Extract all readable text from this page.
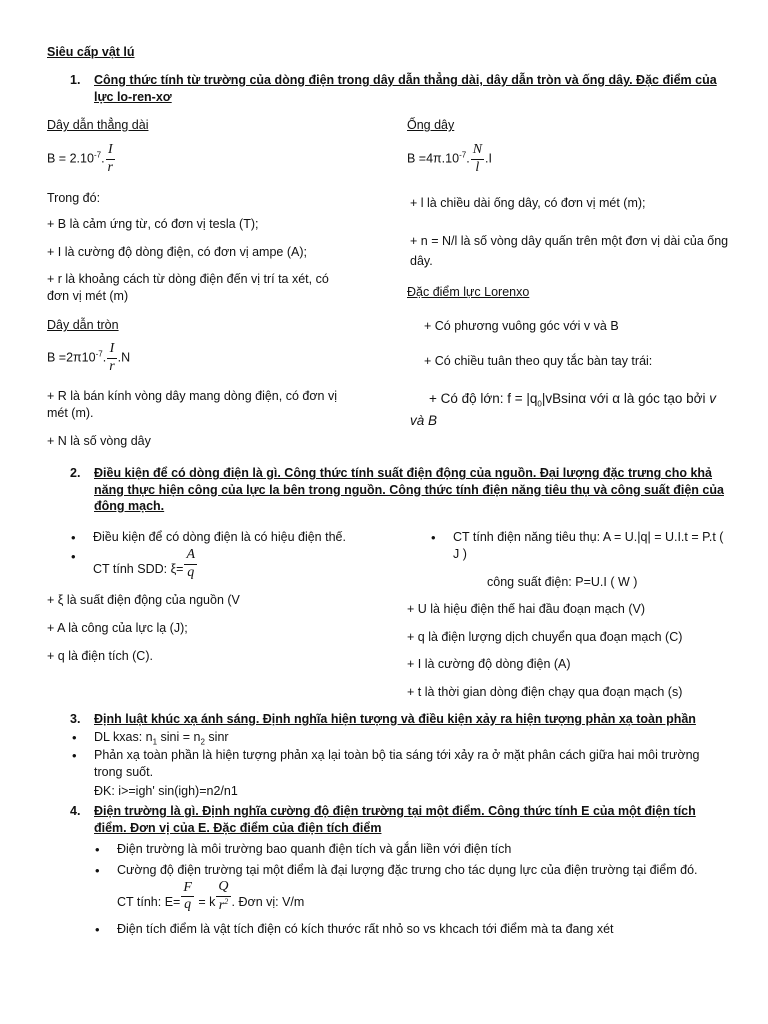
Siêu cấp vật lú
1. Công thức tính từ trường của dòng điện trong dây dẫn thẳng dài, dây dẫn tròn và ống dây. Đặc điểm của lực lo-ren-xơ
Dây dẫn thẳng dài
$B = 2.10^{-7}$. $\frac{I}{r}$
Trong đó:
+ B là cảm ứng từ, có đơn vị tesla (T);
+ I là cường độ dòng điện, có đơn vị ampe (A);
+ r là khoảng cách từ dòng điện đến vị trí ta xét, có đơn vị mét (m)
Dây dẫn tròn
$B =2\pi 10^{-7}$. $\frac{I}{r} .N$
+ R là bán kính vòng dây mang dòng điện, có đơn vị mét (m).
+ N là số vòng dây
Ống dây
$B =4\pi.10^{-7}$. $\frac{N}{l} .I$
+ l là chiều dài ống dây, có đơn vị mét (m);
+ n = N/l là số vòng dây quấn trên một đơn vị dài của ống dây.
Đặc điểm lực Lorenxo
+ Có phương vuông góc với v và B
+ Có chiều tuân theo quy tắc bàn tay trái:
+ Có độ lớn: $f = |q_0|vBsin\alpha$ với α là góc tạo bởi v và B
2. Điều kiện để có dòng điện là gì. Công thức tính suất điện động của nguồn. Đại lượng đặc trưng cho khả năng thực hiện công của lực la bên trong nguồn. Công thức tính điện năng tiêu thụ và công suất điện của đông mạch.
• Điều kiện để có dòng điện là có hiệu điện thế.
• CT tính SDD: $\xi= \frac{A}{q}$
+ ξ là suất điện động của nguồn (V
+ A là công của lực lạ (J);
+ q là điện tích (C).
• CT tính điện năng tiêu thụ: A = U.|q| = U.I.t = P.t ( J )
công suất điện: P=U.I ( W )
+ U là hiệu điện thế hai đầu đoạn mạch (V)
+ q là điện lượng dịch chuyển qua đoạn mạch (C)
+ I là cường độ dòng điện (A)
+ t là thời gian dòng điện chạy qua đoạn mạch (s)
3. Định luật khúc xạ ánh sáng. Định nghĩa hiện tượng và điều kiện xảy ra hiện tượng phản xạ toàn phần
• DL kxas: $n_1$ $\sin i = n_2$ sinr
• Phản xạ toàn phần là hiện tượng phản xạ lại toàn bộ tia sáng tới xảy ra ở mặt phân cách giữa hai môi trường trong suốt.
ĐK: i>=igh' sin(igh)=n2/n1
4. Điện trường là gì. Định nghĩa cường độ điện trường tại một điểm. Công thức tính E của một điện tích điểm. Đơn vị của E. Đặc điểm của điện tích điểm
• Điện trường là môi trường bao quanh điện tích và gắn liền với điện tích
• Cường độ điện trường tại một điểm là đại lượng đặc trưng cho tác dụng lực của điện trường tại điểm đó.
CT tính: $E= \frac{F}{q} = k \frac{Q}{r^2}$ . Đơn vị: V/m
• Điện tích điểm là vật tích điện có kích thước rất nhỏ so vs khcach tới điểm mà ta đang xét
